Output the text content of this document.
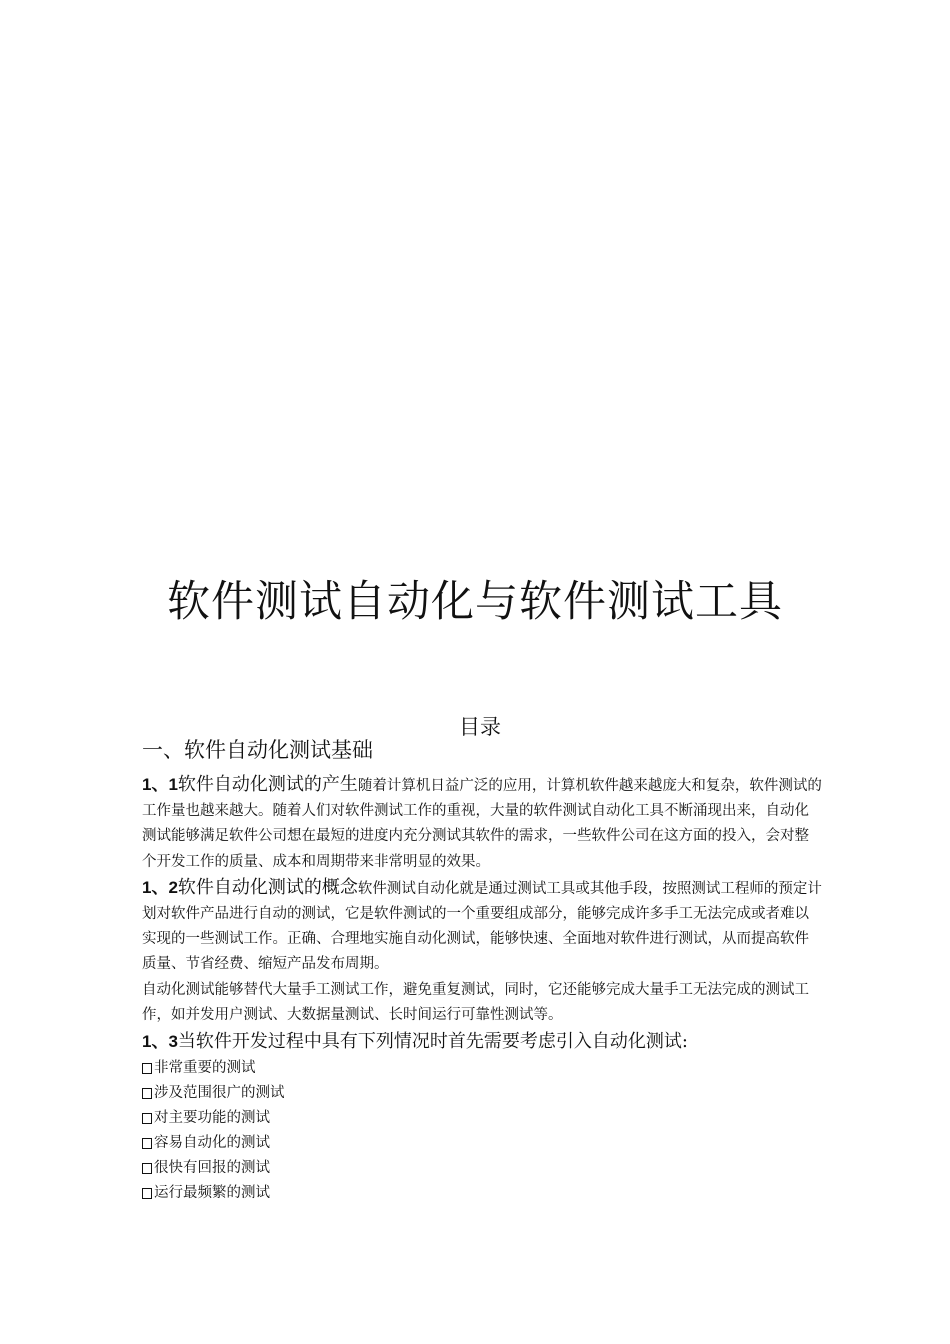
软件测试自动化与软件测试工具
目录
一、软件自动化测试基础

1、1软件自动化测试的产生随着计算机日益广泛的应用，计算机软件越来越庞大和复杂，软件测试的工作量也越来越大。随着人们对软件测试工作的重视，大量的软件测试自动化工具不断涌现出来，自动化测试能够满足软件公司想在最短的进度内充分测试其软件的需求，一些软件公司在这方面的投入，会对整个开发工作的质量、成本和周期带来非常明显的效果。

1、2软件自动化测试的概念软件测试自动化就是通过测试工具或其他手段，按照测试工程师的预定计划对软件产品进行自动的测试，它是软件测试的一个重要组成部分，能够完成许多手工无法完成或者难以实现的一些测试工作。正确、合理地实施自动化测试，能够快速、全面地对软件进行测试，从而提高软件质量、节省经费、缩短产品发布周期。

自动化测试能够替代大量手工测试工作，避免重复测试，同时，它还能够完成大量手工无法完成的测试工作，如并发用户测试、大数据量测试、长时间运行可靠性测试等。

1、3当软件开发过程中具有下列情况时首先需要考虑引入自动化测试:

非常重要的测试
涉及范围很广的测试
对主要功能的测试
容易自动化的测试
很快有回报的测试
运行最频繁的测试
